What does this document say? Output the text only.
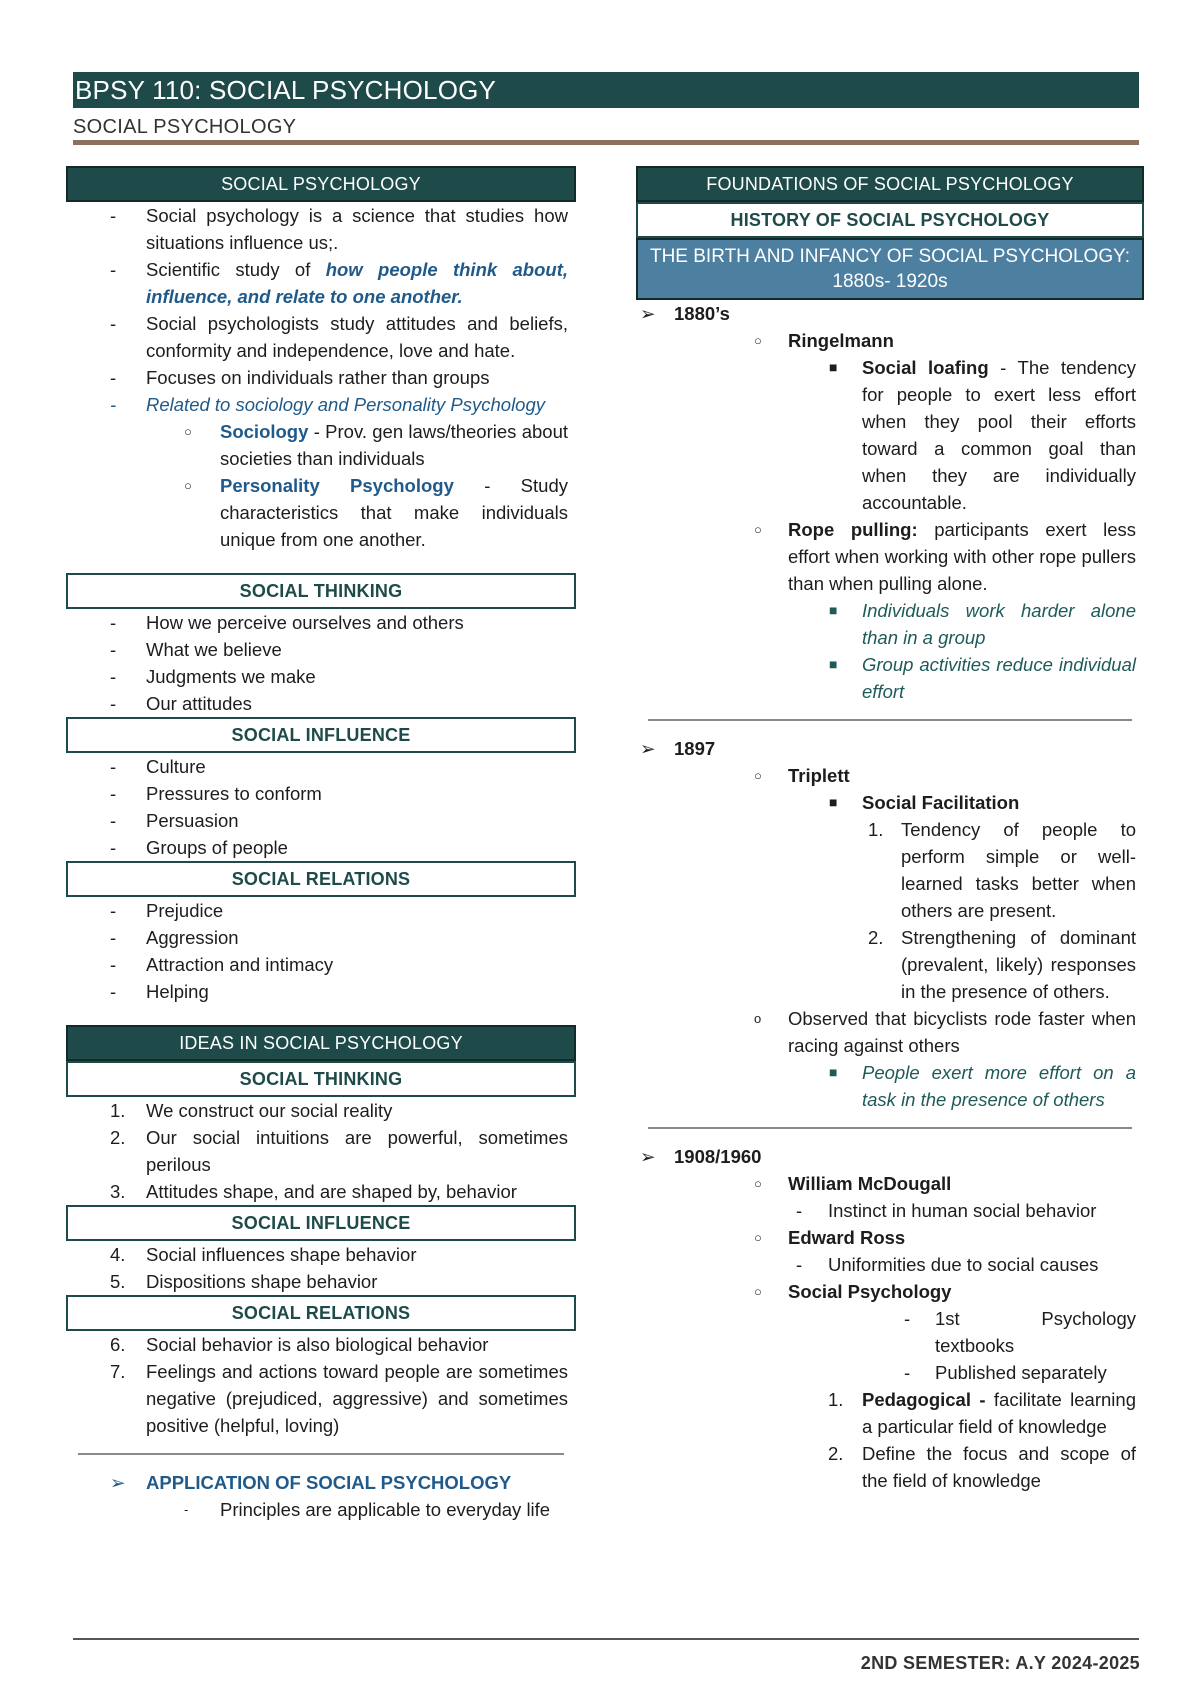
BPSY 110: SOCIAL PSYCHOLOGY
SOCIAL PSYCHOLOGY
SOCIAL PSYCHOLOGY
- Social psychology is a science that studies how situations influence us;.
- Scientific study of how people think about, influence, and relate to one another.
- Social psychologists study attitudes and beliefs, conformity and independence, love and hate.
- Focuses on individuals rather than groups
- Related to sociology and Personality Psychology
○ Sociology - Prov. gen laws/theories about societies than individuals
○ Personality Psychology - Study characteristics that make individuals unique from one another.
SOCIAL THINKING
- How we perceive ourselves and others
- What we believe
- Judgments we make
- Our attitudes
SOCIAL INFLUENCE
- Culture
- Pressures to conform
- Persuasion
- Groups of people
SOCIAL RELATIONS
- Prejudice
- Aggression
- Attraction and intimacy
- Helping
IDEAS IN SOCIAL PSYCHOLOGY
SOCIAL THINKING
1. We construct our social reality
2. Our social intuitions are powerful, sometimes perilous
3. Attitudes shape, and are shaped by, behavior
SOCIAL INFLUENCE
4. Social influences shape behavior
5. Dispositions shape behavior
SOCIAL RELATIONS
6. Social behavior is also biological behavior
7. Feelings and actions toward people are sometimes negative (prejudiced, aggressive) and sometimes positive (helpful, loving)
➢ APPLICATION OF SOCIAL PSYCHOLOGY
- Principles are applicable to everyday life
FOUNDATIONS OF SOCIAL PSYCHOLOGY
HISTORY OF SOCIAL PSYCHOLOGY
THE BIRTH AND INFANCY OF SOCIAL PSYCHOLOGY: 1880s- 1920s
➢ 1880’s
○ Ringelmann
■ Social loafing - The tendency for people to exert less effort when they pool their efforts toward a common goal than when they are individually accountable.
○ Rope pulling: participants exert less effort when working with other rope pullers than when pulling alone.
■ Individuals work harder alone than in a group
■ Group activities reduce individual effort
➢ 1897
○ Triplett
■ Social Facilitation
1. Tendency of people to perform simple or well-learned tasks better when others are present.
2. Strengthening of dominant (prevalent, likely) responses in the presence of others.
o Observed that bicyclists rode faster when racing against others
■ People exert more effort on a task in the presence of others
➢ 1908/1960
○ William McDougall
- Instinct in human social behavior
○ Edward Ross
- Uniformities due to social causes
○ Social Psychology
- 1st Psychology textbooks
- Published separately
1. Pedagogical - facilitate learning a particular field of knowledge
2. Define the focus and scope of the field of knowledge
2ND SEMESTER: A.Y 2024-2025
